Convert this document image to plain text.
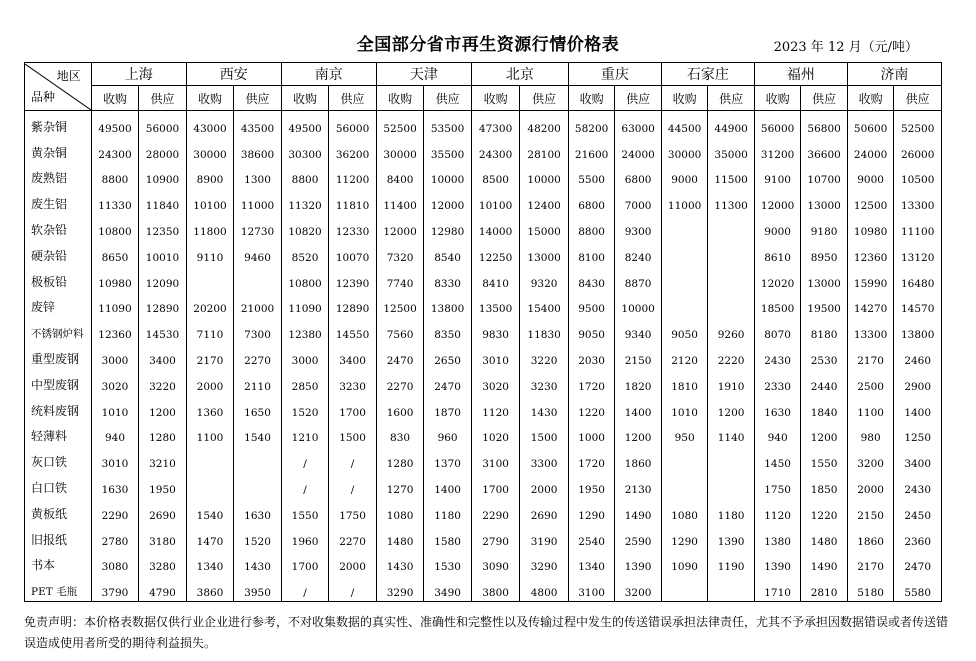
全国部分省市再生资源行情价格表	2023 年 12 月（元/吨）
地区
品种	上海		西安		南京		天津		北京		重庆		石家庄		福州		济南	
	收购	供应	收购	供应	收购	供应	收购	供应	收购	供应	收购	供应	收购	供应	收购	供应	收购	供应
紫杂铜	49500	56000	43000	43500	49500	56000	52500	53500	47300	48200	58200	63000	44500	44900	56000	56800	50600	52500
黄杂铜	24300	28000	30000	38600	30300	36200	30000	35500	24300	28100	21600	24000	30000	35000	31200	36600	24000	26000
废熟铝	8800	10900	8900	1300	8800	11200	8400	10000	8500	10000	5500	6800	9000	11500	9100	10700	9000	10500
废生铝	11330	11840	10100	11000	11320	11810	11400	12000	10100	12400	6800	7000	11000	11300	12000	13000	12500	13300
软杂铅	10800	12350	11800	12730	10820	12330	12000	12980	14000	15000	8800	9300			9000	9180	10980	11100
硬杂铅	8650	10010	9110	9460	8520	10070	7320	8540	12250	13000	8100	8240			8610	8950	12360	13120
极板铅	10980	12090			10800	12390	7740	8330	8410	9320	8430	8870			12020	13000	15990	16480
废锌	11090	12890	20200	21000	11090	12890	12500	13800	13500	15400	9500	10000			18500	19500	14270	14570
不锈钢炉料	12360	14530	7110	7300	12380	14550	7560	8350	9830	11830	9050	9340	9050	9260	8070	8180	13300	13800
重型废钢	3000	3400	2170	2270	3000	3400	2470	2650	3010	3220	2030	2150	2120	2220	2430	2530	2170	2460
中型废钢	3020	3220	2000	2110	2850	3230	2270	2470	3020	3230	1720	1820	1810	1910	2330	2440	2500	2900
统料废钢	1010	1200	1360	1650	1520	1700	1600	1870	1120	1430	1220	1400	1010	1200	1630	1840	1100	1400
轻薄料	940	1280	1100	1540	1210	1500	830	960	1020	1500	1000	1200	950	1140	940	1200	980	1250
灰口铁	3010	3210			/	/	1280	1370	3100	3300	1720	1860			1450	1550	3200	3400
白口铁	1630	1950			/	/	1270	1400	1700	2000	1950	2130			1750	1850	2000	2430
黄板纸	2290	2690	1540	1630	1550	1750	1080	1180	2290	2690	1290	1490	1080	1180	1120	1220	2150	2450
旧报纸	2780	3180	1470	1520	1960	2270	1480	1580	2790	3190	2540	2590	1290	1390	1380	1480	1860	2360
书本	3080	3280	1340	1430	1700	2000	1430	1530	3090	3290	1340	1390	1090	1190	1390	1490	2170	2470
PET 毛瓶	3790	4790	3860	3950	/	/	3290	3490	3800	4800	3100	3200			1710	2810	5180	5580
免责声明：本价格表数据仅供行业企业进行参考，不对收集数据的真实性、准确性和完整性以及传输过程中发生的传送错误承担法律责任，尤其不予承担因数据错误或者传送错误造成使用者所受的期待利益损失。
